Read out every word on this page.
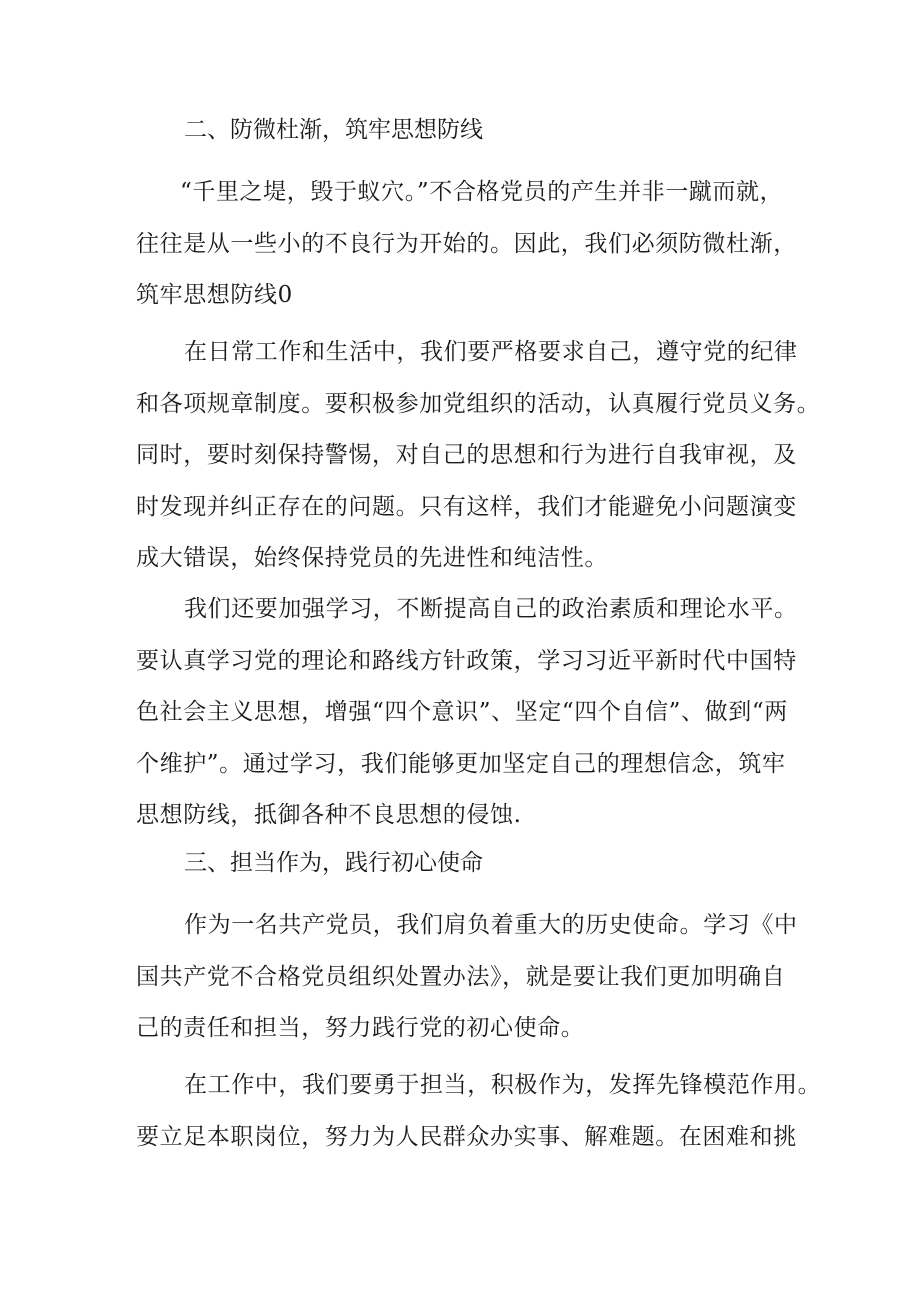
二、防微杜渐，筑牢思想防线
“千里之堤，毁于蚁穴。”不合格党员的产生并非一蹴而就，
往往是从一些小的不良行为开始的。因此，我们必须防微杜渐，
筑牢思想防线0
在日常工作和生活中，我们要严格要求自己，遵守党的纪律
和各项规章制度。要积极参加党组织的活动，认真履行党员义务。
同时，要时刻保持警惕，对自己的思想和行为进行自我审视，及
时发现并纠正存在的问题。只有这样，我们才能避免小问题演变
成大错误，始终保持党员的先进性和纯洁性。
我们还要加强学习，不断提高自己的政治素质和理论水平。
要认真学习党的理论和路线方针政策，学习习近平新时代中国特
色社会主义思想，增强“四个意识”、坚定“四个自信”、做到“两
个维护”。通过学习，我们能够更加坚定自己的理想信念，筑牢
思想防线，抵御各种不良思想的侵蚀.
三、担当作为，践行初心使命
作为一名共产党员，我们肩负着重大的历史使命。学习《中
国共产党不合格党员组织处置办法》，就是要让我们更加明确自
己的责任和担当，努力践行党的初心使命。
在工作中，我们要勇于担当，积极作为，发挥先锋模范作用。
要立足本职岗位，努力为人民群众办实事、解难题。在困难和挑
